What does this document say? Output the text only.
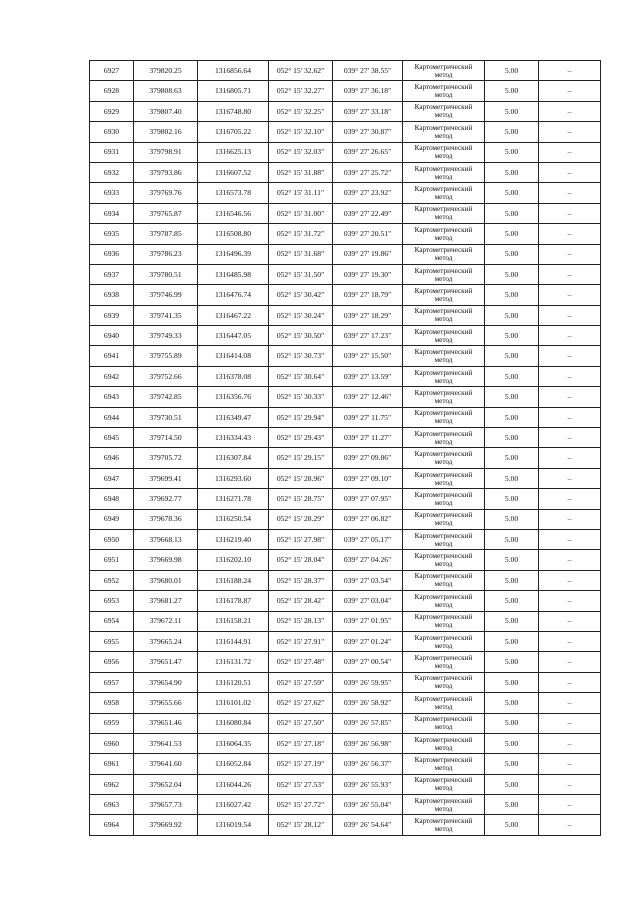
6927	379820.25	1316856.64	052° 15' 32.62"	039° 27' 38.55"	Картометрический
метод	5.00	–
6928	379808.63	1316805.71	052° 15' 32.27"	039° 27' 36.18"	Картометрический
метод	5.00	–
6929	379807.40	1316748.80	052° 15' 32.25"	039° 27' 33.18"	Картометрический
метод	5.00	–
6930	379802.16	1316705.22	052° 15' 32.10"	039° 27' 30.87"	Картометрический
метод	5.00	–
6931	379798.91	1316625.13	052° 15' 32.03"	039° 27' 26.65"	Картометрический
метод	5.00	–
6932	379793.86	1316607.52	052° 15' 31.88"	039° 27' 25.72"	Картометрический
метод	5.00	–
6933	379769.76	1316573.78	052° 15' 31.11"	039° 27' 23.92"	Картометрический
метод	5.00	–
6934	379765.87	1316546.56	052° 15' 31.00"	039° 27' 22.49"	Картометрический
метод	5.00	–
6935	379787.85	1316508.80	052° 15' 31.72"	039° 27' 20.51"	Картометрический
метод	5.00	–
6936	379786.23	1316496.39	052° 15' 31.68"	039° 27' 19.86"	Картометрический
метод	5.00	–
6937	379780.51	1316485.98	052° 15' 31.50"	039° 27' 19.30"	Картометрический
метод	5.00	–
6938	379746.99	1316476.74	052° 15' 30.42"	039° 27' 18.79"	Картометрический
метод	5.00	–
6939	379741.35	1316467.22	052° 15' 30.24"	039° 27' 18.29"	Картометрический
метод	5.00	–
6940	379749.33	1316447.05	052° 15' 30.50"	039° 27' 17.23"	Картометрический
метод	5.00	–
6941	379755.89	1316414.08	052° 15' 30.73"	039° 27' 15.50"	Картометрический
метод	5.00	–
6942	379752.66	1316378.08	052° 15' 30.64"	039° 27' 13.59"	Картометрический
метод	5.00	–
6943	379742.85	1316356.76	052° 15' 30.33"	039° 27' 12.46"	Картометрический
метод	5.00	–
6944	379730.51	1316349.47	052° 15' 29.94"	039° 27' 11.75"	Картометрический
метод	5.00	–
6945	379714.50	1316334.43	052° 15' 29.43"	039° 27' 11.27"	Картометрический
метод	5.00	–
6946	379705.72	1316307.84	052° 15' 29.15"	039° 27' 09.86"	Картометрический
метод	5.00	–
6947	379699.41	1316293.60	052° 15' 28.96"	039° 27' 09.10"	Картометрический
метод	5.00	–
6948	379692.77	1316271.78	052° 15' 28.75"	039° 27' 07.95"	Картометрический
метод	5.00	–
6949	379678.36	1316250.54	052° 15' 28.29"	039° 27' 06.82"	Картометрический
метод	5.00	–
6950	379668.13	1316219.40	052° 15' 27.98"	039° 27' 05.17"	Картометрический
метод	5.00	–
6951	379669.98	1316202.10	052° 15' 28.04"	039° 27' 04.26"	Картометрический
метод	5.00	–
6952	379680.01	1316188.24	052° 15' 28.37"	039° 27' 03.54"	Картометрический
метод	5.00	–
6953	379681.27	1316178.87	052° 15' 28.42"	039° 27' 03.04"	Картометрический
метод	5.00	–
6954	379672.11	1316158.21	052° 15' 28.13"	039° 27' 01.95"	Картометрический
метод	5.00	–
6955	379665.24	1316144.91	052° 15' 27.91"	039° 27' 01.24"	Картометрический
метод	5.00	–
6956	379651.47	1316131.72	052° 15' 27.48"	039° 27' 00.54"	Картометрический
метод	5.00	–
6957	379654.90	1316120.51	052° 15' 27.59"	039° 26' 59.95"	Картометрический
метод	5.00	–
6958	379655.66	1316101.02	052° 15' 27.62"	039° 26' 58.92"	Картометрический
метод	5.00	–
6959	379651.46	1316080.84	052° 15' 27.50"	039° 26' 57.85"	Картометрический
метод	5.00	–
6960	379641.53	1316064.35	052° 15' 27.18"	039° 26' 56.98"	Картометрический
метод	5.00	–
6961	379641.60	1316052.84	052° 15' 27.19"	039° 26' 56.37"	Картометрический
метод	5.00	–
6962	379652.04	1316044.26	052° 15' 27.53"	039° 26' 55.93"	Картометрический
метод	5.00	–
6963	379657.73	1316027.42	052° 15' 27.72"	039° 26' 55.04"	Картометрический
метод	5.00	–
6964	379669.92	1316019.54	052° 15' 28.12"	039° 26' 54.64"	Картометрический
метод	5.00	–
